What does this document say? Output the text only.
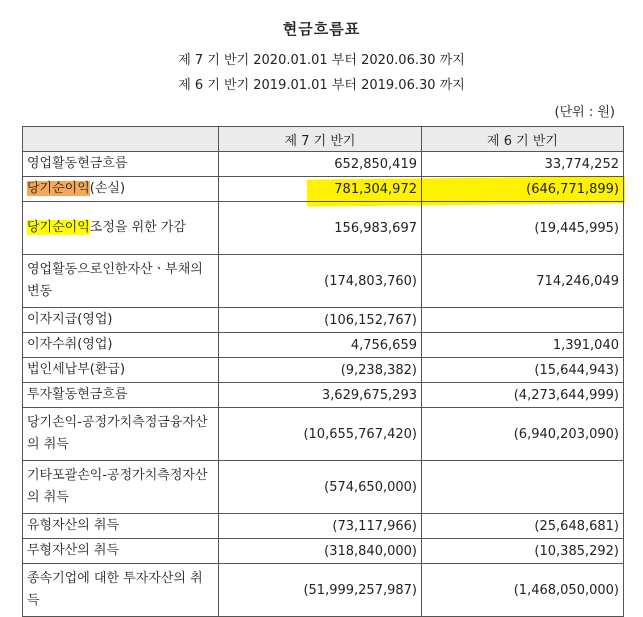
현금흐름표
제 7 기 반기 2020.01.01 부터 2020.06.30 까지
제 6 기 반기 2019.01.01 부터 2019.06.30 까지
(단위 : 원)
	제 7 기 반기	제 6 기 반기
영업활동현금흐름	652,850,419	33,774,252
당기순이익(손실)	781,304,972	(646,771,899)
당기순이익조정을 위한 가감	156,983,697	(19,445,995)
영업활동으로인한자산ㆍ부채의변동	(174,803,760)	714,246,049
이자지급(영업)	(106,152,767)	
이자수취(영업)	4,756,659	1,391,040
법인세납부(환급)	(9,238,382)	(15,644,943)
투자활동현금흐름	3,629,675,293	(4,273,644,999)
당기손익-공정가치측정금융자산의 취득	(10,655,767,420)	(6,940,203,090)
기타포괄손익-공정가치측정자산의 취득	(574,650,000)	
유형자산의 취득	(73,117,966)	(25,648,681)
무형자산의 취득	(318,840,000)	(10,385,292)
종속기업에 대한 투자자산의 취득	(51,999,257,987)	(1,468,050,000)
